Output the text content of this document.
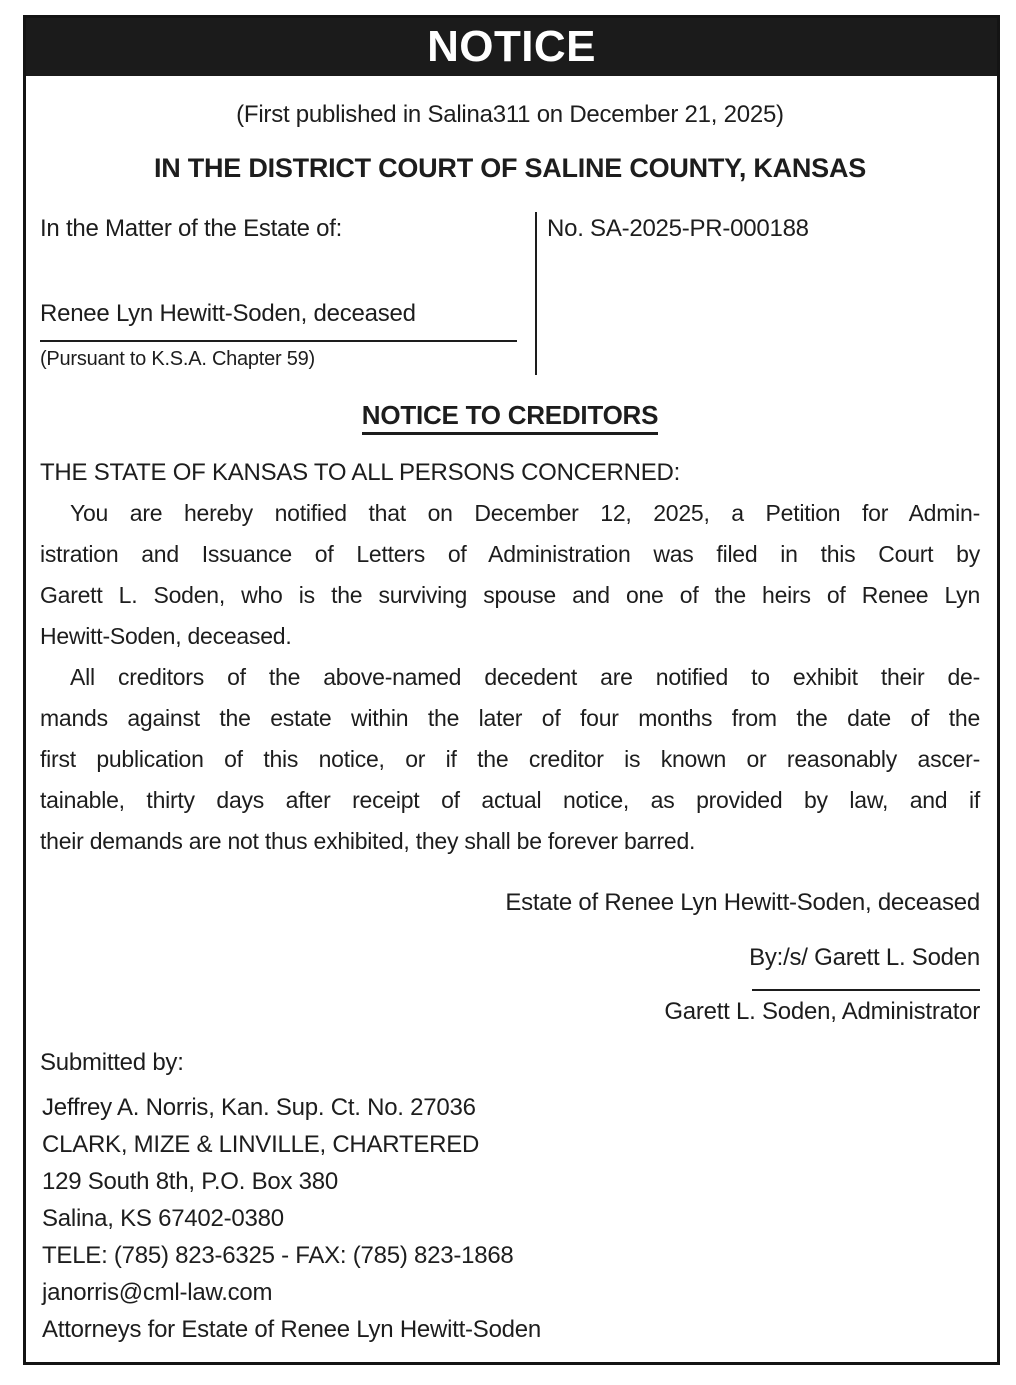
NOTICE
(First published in Salina311 on December 21, 2025)
IN THE DISTRICT COURT OF SALINE COUNTY, KANSAS
In the Matter of the Estate of:
Renee Lyn Hewitt-Soden, deceased
(Pursuant to K.S.A. Chapter 59)
No. SA-2025-PR-000188
NOTICE TO CREDITORS
THE STATE OF KANSAS TO ALL PERSONS CONCERNED:
You are hereby notified that on December 12, 2025, a Petition for Admin-
istration and Issuance of Letters of Administration was filed in this Court by
Garett L. Soden, who is the surviving spouse and one of the heirs of Renee Lyn
Hewitt-Soden, deceased.
All creditors of the above-named decedent are notified to exhibit their de-
mands against the estate within the later of four months from the date of the
first publication of this notice, or if the creditor is known or reasonably ascer-
tainable, thirty days after receipt of actual notice, as provided by law, and if
their demands are not thus exhibited, they shall be forever barred.
Estate of Renee Lyn Hewitt-Soden, deceased
By:/s/ Garett L. Soden
Garett L. Soden, Administrator
Submitted by:
Jeffrey A. Norris, Kan. Sup. Ct. No. 27036
CLARK, MIZE & LINVILLE, CHARTERED
129 South 8th, P.O. Box 380
Salina, KS 67402-0380
TELE: (785) 823-6325 - FAX: (785) 823-1868
janorris@cml-law.com
Attorneys for Estate of Renee Lyn Hewitt-Soden
